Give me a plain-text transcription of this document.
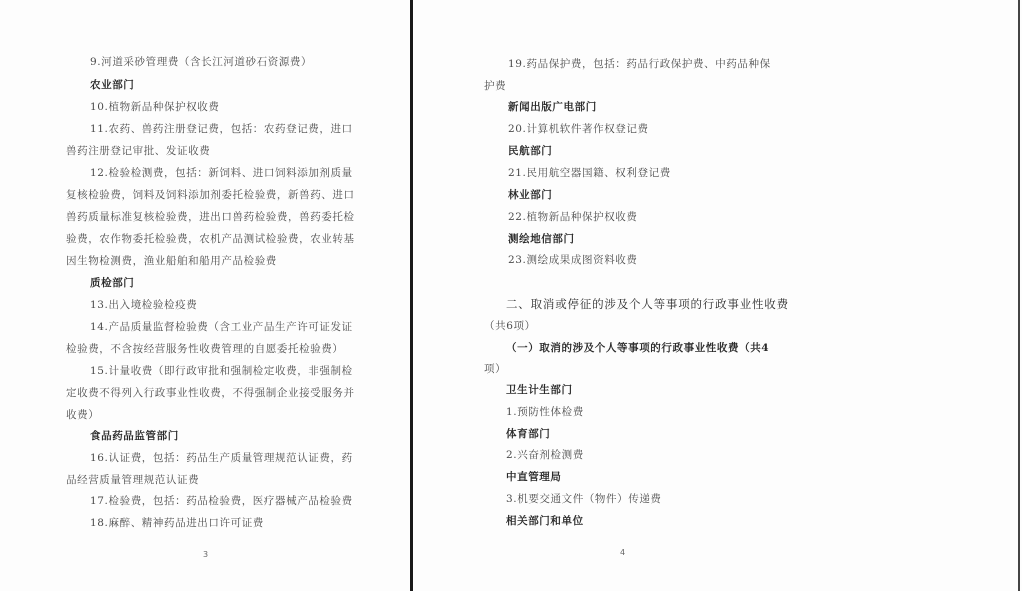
9.河道采砂管理费（含长江河道砂石资源费）
农业部门
10.植物新品种保护权收费
11.农药、兽药注册登记费，包括：农药登记费，进口
兽药注册登记审批、发证收费
12.检验检测费，包括：新饲料、进口饲料添加剂质量
复核检验费，饲料及饲料添加剂委托检验费，新兽药、进口
兽药质量标准复核检验费，进出口兽药检验费，兽药委托检
验费，农作物委托检验费，农机产品测试检验费，农业转基
因生物检测费，渔业船舶和船用产品检验费
质检部门
13.出入境检验检疫费
14.产品质量监督检验费（含工业产品生产许可证发证
检验费，不含按经营服务性收费管理的自愿委托检验费）
15.计量收费（即行政审批和强制检定收费，非强制检
定收费不得列入行政事业性收费，不得强制企业接受服务并
收费）
食品药品监管部门
16.认证费，包括：药品生产质量管理规范认证费，药
品经营质量管理规范认证费
17.检验费，包括：药品检验费，医疗器械产品检验费
18.麻醉、精神药品进出口许可证费
3
19.药品保护费，包括：药品行政保护费、中药品种保
护费
新闻出版广电部门
20.计算机软件著作权登记费
民航部门
21.民用航空器国籍、权利登记费
林业部门
22.植物新品种保护权收费
测绘地信部门
23.测绘成果成图资料收费
二、取消或停征的涉及个人等事项的行政事业性收费
（共6项）
（一）取消的涉及个人等事项的行政事业性收费（共4
项）
卫生计生部门
1.预防性体检费
体育部门
2.兴奋剂检测费
中直管理局
3.机要交通文件（物件）传递费
相关部门和单位
4
